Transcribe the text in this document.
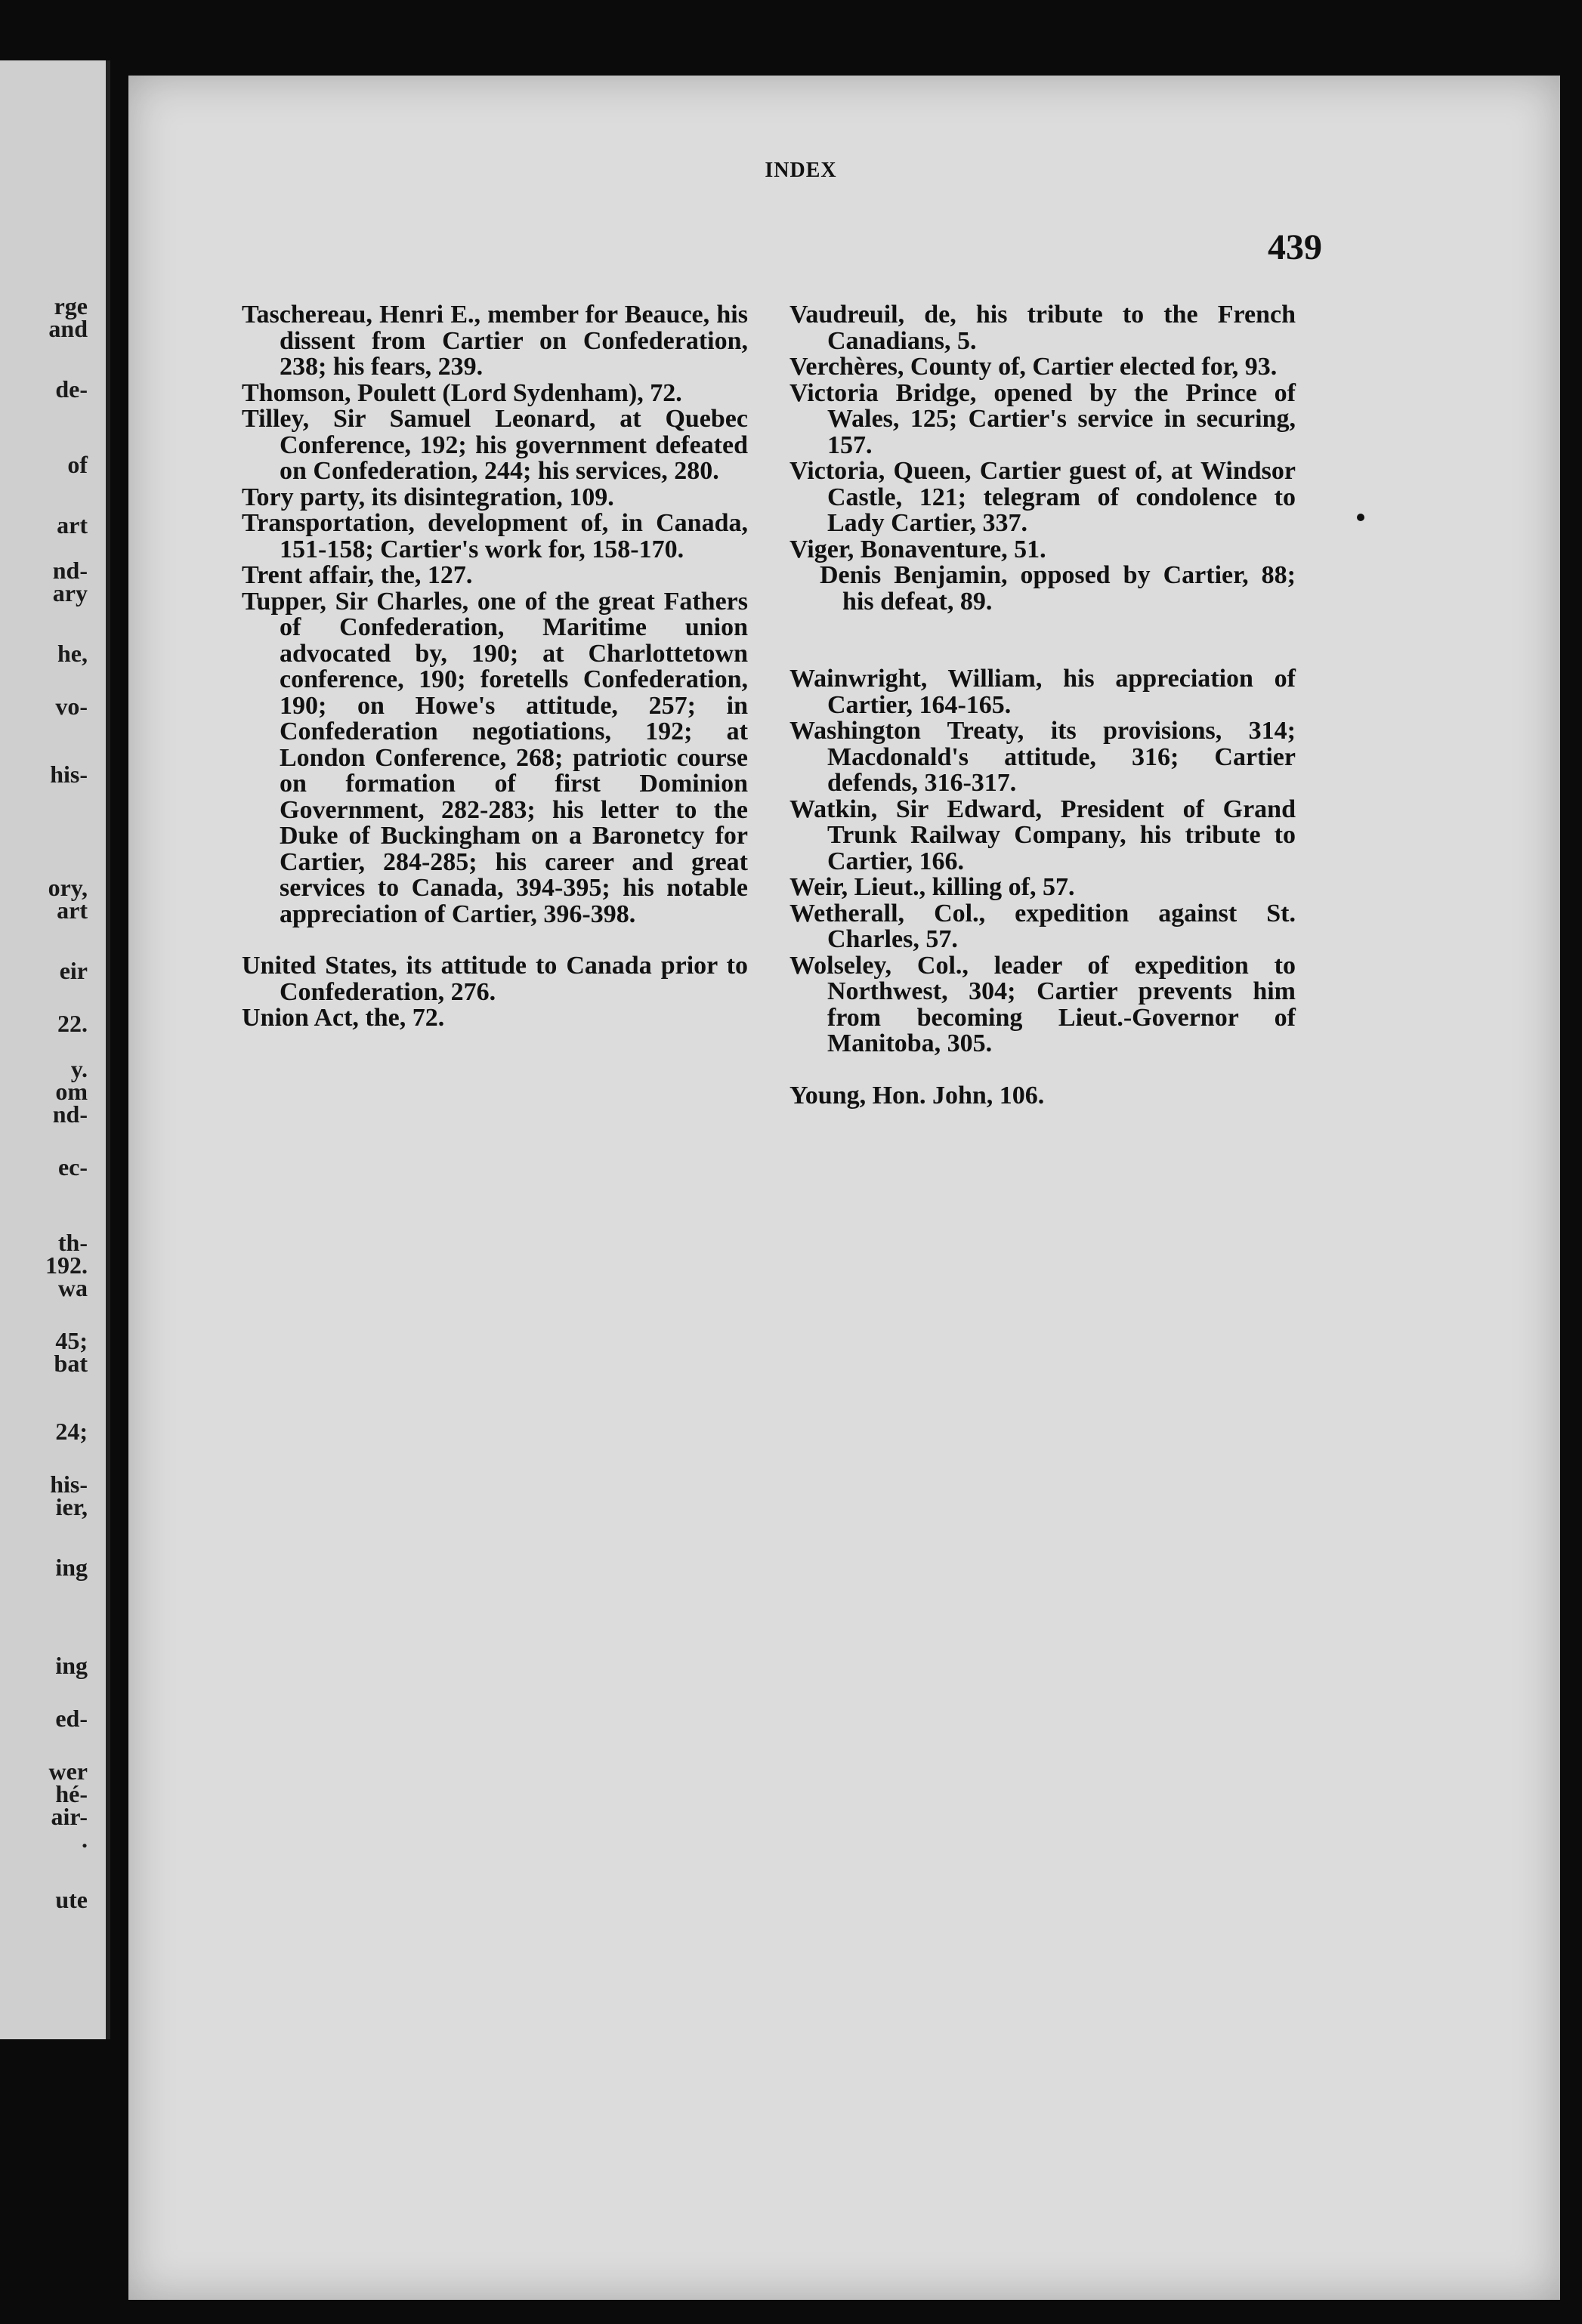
rge
and
de-
of
art
nd-
ary
he,
vo-
his-
ory,
art
eir
22.
y.
om
nd-
ec-
th-
192.
wa
45;
bat
24;
his-
ier,
ing
ing
ed-
wer
hé-
air-
.
ute
INDEX
439

Taschereau, Henri E., member for Beauce, his dissent from Cartier on Confederation, 238; his fears, 239.

Thomson, Poulett (Lord Sydenham), 72.

Tilley, Sir Samuel Leonard, at Quebec Conference, 192; his government defeated on Confederation, 244; his services, 280.

Tory party, its disintegration, 109.

Transportation, development of, in Canada, 151-158; Cartier's work for, 158-170.

Trent affair, the, 127.

Tupper, Sir Charles, one of the great Fathers of Confederation, Maritime union advocated by, 190; at Charlottetown conference, 190; foretells Confederation, 190; on Howe's attitude, 257; in Confederation negotiations, 192; at London Conference, 268; patriotic course on formation of first Dominion Government, 282-283; his letter to the Duke of Buckingham on a Baronetcy for Cartier, 284-285; his career and great services to Canada, 394-395; his notable appreciation of Cartier, 396-398.

United States, its attitude to Canada prior to Confederation, 276.

Union Act, the, 72.

Vaudreuil, de, his tribute to the French Canadians, 5.

Verchères, County of, Cartier elected for, 93.

Victoria Bridge, opened by the Prince of Wales, 125; Cartier's service in securing, 157.

Victoria, Queen, Cartier guest of, at Windsor Castle, 121; telegram of condolence to Lady Cartier, 337.

Viger, Bonaventure, 51.

Denis Benjamin, opposed by Cartier, 88; his defeat, 89.

Wainwright, William, his appreciation of Cartier, 164-165.

Washington Treaty, its provisions, 314; Macdonald's attitude, 316; Cartier defends, 316-317.

Watkin, Sir Edward, President of Grand Trunk Railway Company, his tribute to Cartier, 166.

Weir, Lieut., killing of, 57.

Wetherall, Col., expedition against St. Charles, 57.

Wolseley, Col., leader of expedition to Northwest, 304; Cartier prevents him from becoming Lieut.-Governor of Manitoba, 305.

Young, Hon. John, 106.
